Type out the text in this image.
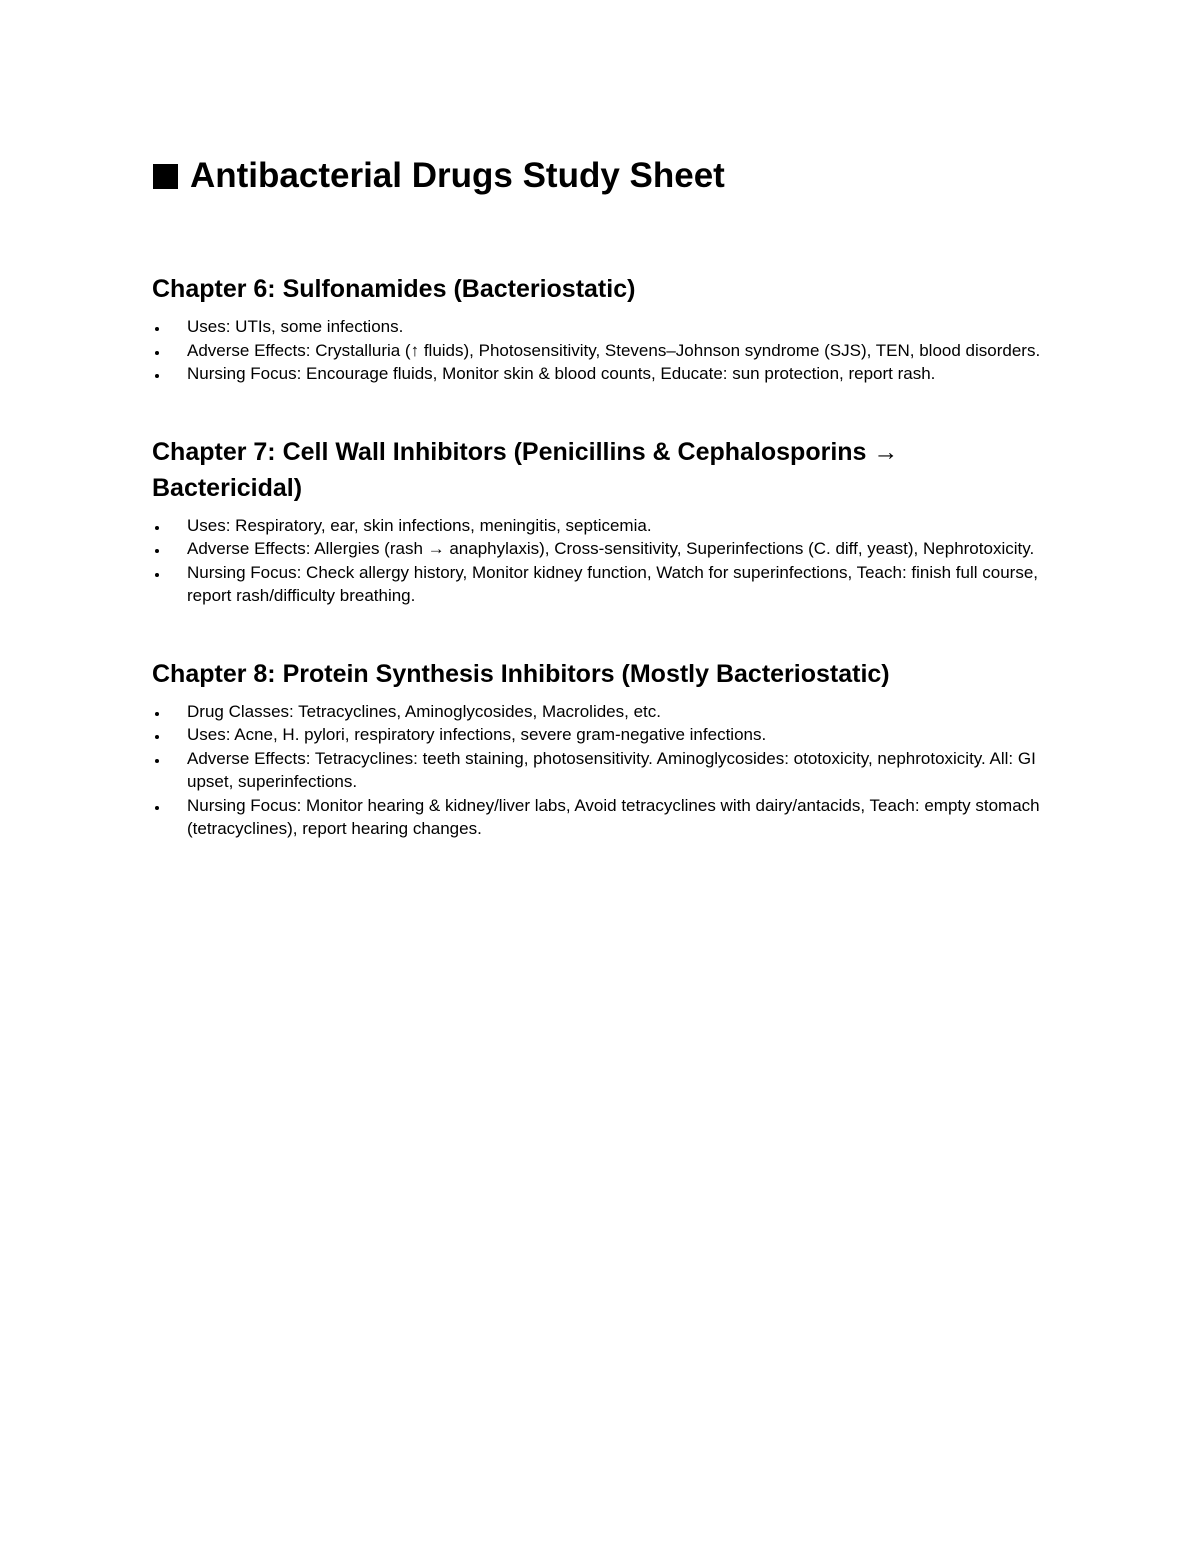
Antibacterial Drugs Study Sheet
Chapter 6: Sulfonamides (Bacteriostatic)
Uses: UTIs, some infections.
Adverse Effects: Crystalluria (↑ fluids), Photosensitivity, Stevens–Johnson syndrome (SJS), TEN, blood disorders.
Nursing Focus: Encourage fluids, Monitor skin & blood counts, Educate: sun protection, report rash.
Chapter 7: Cell Wall Inhibitors (Penicillins & Cephalosporins → Bactericidal)
Uses: Respiratory, ear, skin infections, meningitis, septicemia.
Adverse Effects: Allergies (rash → anaphylaxis), Cross-sensitivity, Superinfections (C. diff, yeast), Nephrotoxicity.
Nursing Focus: Check allergy history, Monitor kidney function, Watch for superinfections, Teach: finish full course, report rash/difficulty breathing.
Chapter 8: Protein Synthesis Inhibitors (Mostly Bacteriostatic)
Drug Classes: Tetracyclines, Aminoglycosides, Macrolides, etc.
Uses: Acne, H. pylori, respiratory infections, severe gram-negative infections.
Adverse Effects: Tetracyclines: teeth staining, photosensitivity. Aminoglycosides: ototoxicity, nephrotoxicity. All: GI upset, superinfections.
Nursing Focus: Monitor hearing & kidney/liver labs, Avoid tetracyclines with dairy/antacids, Teach: empty stomach (tetracyclines), report hearing changes.
